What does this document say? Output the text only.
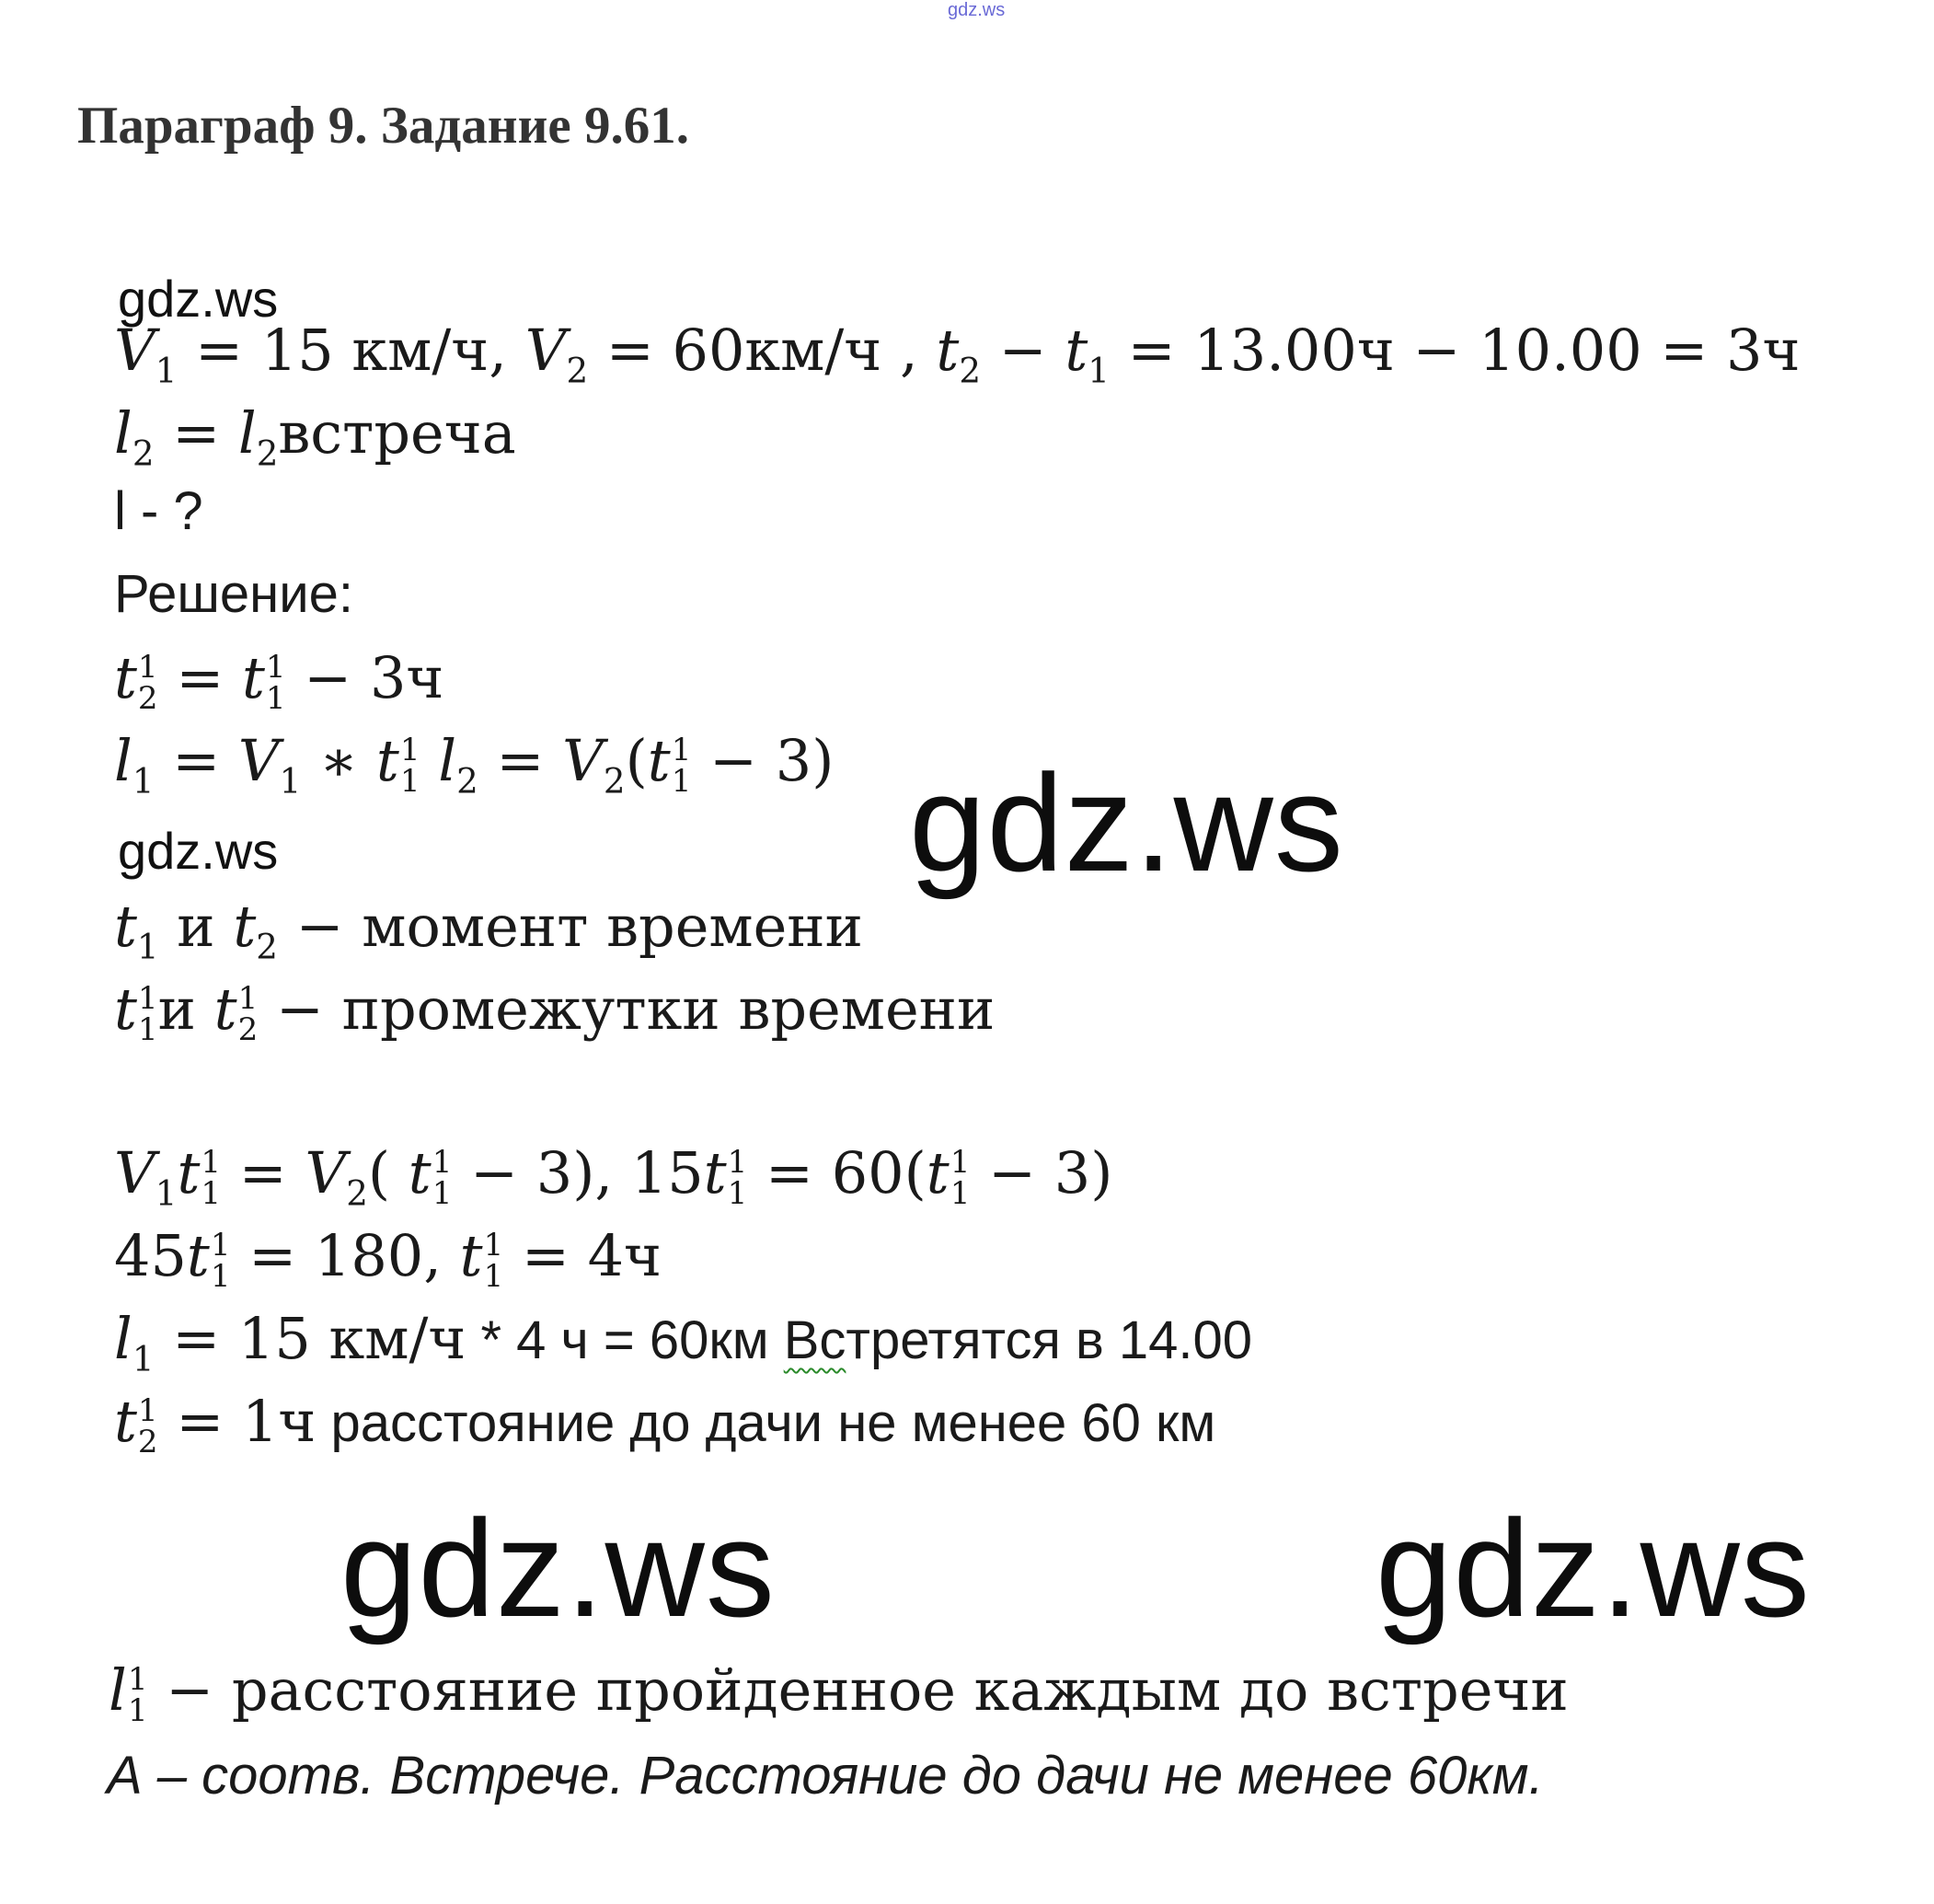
gdz.ws
Параграф 9. Задание 9.61.
gdz.ws
$V_1 = 15$ км/ч, $V_2 = 60км/ч$ , $t_2 - t_1 = 13.00ч - 10.00 = 3ч$
$l_2$ = $l_2встреча$
l - ?
Решение:
t 1
2 = t 1
1 − 3ч
$l_1 = V_1$ ∗ t 1
1 $l_2 = V_2(t$ 1
1 − 3) gdz.ws
gdz.ws
$t_1$ и $t_2$ − момент времени
t 1
1 и t 1
2 − промежутки времени
$V_1t$ 1
$1 = V_2$( t 1
1 − 3), 15t 1
1 = 60(t 1
1 − 3)
45t 1
1 = 180, t 1
1 = 4ч
$l_1 = 15$ км/ч * 4 ч = 60км Встретятся в 14.00
t 1
2 = 1ч расстояние до дачи не менее 60 км
gdz.ws	gdz.ws
l 1
1 − расстояние пройденное каждым до встречи
А – соотв. Встрече. Расстояние до дачи не менее 60км.
